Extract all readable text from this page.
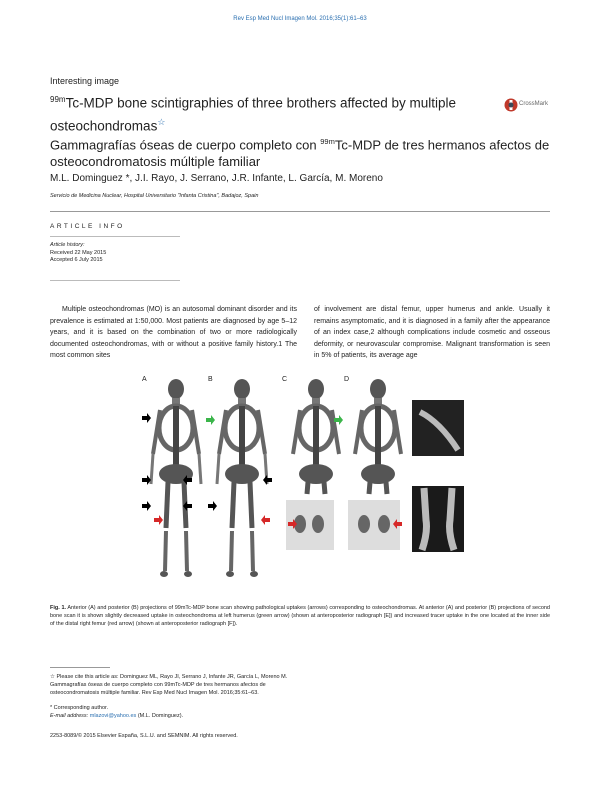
Rev Esp Med Nucl Imagen Mol. 2016;35(1):61–63
Interesting image
$^{99m}$Tc-MDP bone scintigraphies of three brothers affected by multiple osteochondromas☆
CrossMark
Gammagrafías óseas de cuerpo completo con $^{99m}$Tc-MDP de tres hermanos afectos de osteocondromatosis múltiple familiar
M.L. Dominguez *, J.I. Rayo, J. Serrano, J.R. Infante, L. García, M. Moreno
Servicio de Medicina Nuclear, Hospital Universitario "Infanta Cristina", Badajoz, Spain
ARTICLE INFO
Article history:
Received 22 May 2015
Accepted 6 July 2015
Multiple osteochondromas (MO) is an autosomal dominant disorder and its prevalence is estimated at 1:50,000. Most patients are diagnosed by age 5–12 years, and it is based on the combination of two or more radiologically documented osteochondromas, with or without a positive family history.1 The most common sites
of involvement are distal femur, upper humerus and ankle. Usually it remains asymptomatic, and it is diagnosed in a family after the appearance of an index case,2 although complications include cosmetic and osseous deformity, or neurovascular compromise. Malignant transformation is seen in 5% of patients, its average age
A	B	C	D
Fig. 1. Anterior (A) and posterior (B) projections of 99mTc-MDP bone scan showing pathological uptakes (arrows) corresponding to osteochondromas. At anterior (A) and posterior (B) projections of second bone scan it is shown slightly decreased uptake in osteochondroma at left humerus (green arrow) (shown at anteroposterior radiograph [E]) and increased tracer uptake in the one located at the inner side of the distal right femur (red arrow) (shown at anteroposterior radiograph [F]).
☆ Please cite this article as: Dominguez ML, Rayo JI, Serrano J, Infante JR, García L, Moreno M. Gammagrafías óseas de cuerpo completo con 99mTc-MDP de tres hermanos afectos de osteocondromatosis múltiple familiar. Rev Esp Med Nucl Imagen Mol. 2016;35:61–63.
* Corresponding author.
E-mail address: mlazovi@yahoo.es (M.L. Dominguez).
2253-8089/© 2015 Elsevier España, S.L.U. and SEMNIM. All rights reserved.
